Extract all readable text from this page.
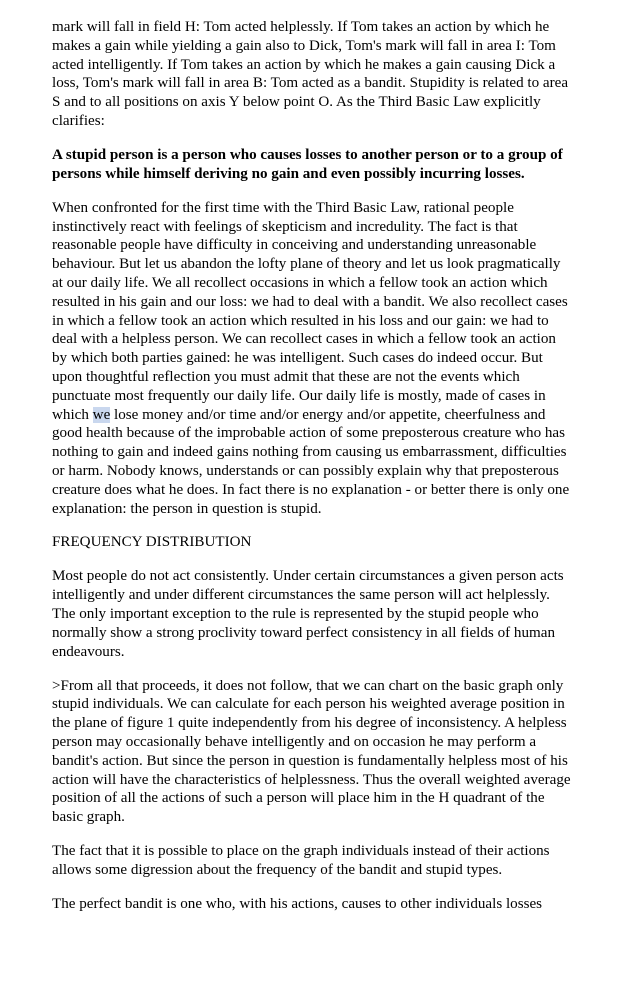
mark will fall in field H: Tom acted helplessly. If Tom takes an action by which he makes a gain while yielding a gain also to Dick, Tom's mark will fall in area I: Tom acted intelligently. If Tom takes an action by which he makes a gain causing Dick a loss, Tom's mark will fall in area B: Tom acted as a bandit. Stupidity is related to area S and to all positions on axis Y below point O. As the Third Basic Law explicitly clarifies:

A stupid person is a person who causes losses to another person or to a group of persons while himself deriving no gain and even possibly incurring losses.

When confronted for the first time with the Third Basic Law, rational people instinctively react with feelings of skepticism and incredulity. The fact is that reasonable people have difficulty in conceiving and understanding unreasonable behaviour. But let us abandon the lofty plane of theory and let us look pragmatically at our daily life. We all recollect occasions in which a fellow took an action which resulted in his gain and our loss: we had to deal with a bandit. We also recollect cases in which a fellow took an action which resulted in his loss and our gain: we had to deal with a helpless person. We can recollect cases in which a fellow took an action by which both parties gained: he was intelligent. Such cases do indeed occur. But upon thoughtful reflection you must admit that these are not the events which punctuate most frequently our daily life. Our daily life is mostly, made of cases in which we lose money and/or time and/or energy and/or appetite, cheerfulness and good health because of the improbable action of some preposterous creature who has nothing to gain and indeed gains nothing from causing us embarrassment, difficulties or harm. Nobody knows, understands or can possibly explain why that preposterous creature does what he does. In fact there is no explanation - or better there is only one explanation: the person in question is stupid.

FREQUENCY DISTRIBUTION

Most people do not act consistently. Under certain circumstances a given person acts intelligently and under different circumstances the same person will act helplessly. The only important exception to the rule is represented by the stupid people who normally show a strong proclivity toward perfect consistency in all fields of human endeavours.

>From all that proceeds, it does not follow, that we can chart on the basic graph only stupid individuals. We can calculate for each person his weighted average position in the plane of figure 1 quite independently from his degree of inconsistency. A helpless person may occasionally behave intelligently and on occasion he may perform a bandit's action. But since the person in question is fundamentally helpless most of his action will have the characteristics of helplessness. Thus the overall weighted average position of all the actions of such a person will place him in the H quadrant of the basic graph.

The fact that it is possible to place on the graph individuals instead of their actions allows some digression about the frequency of the bandit and stupid types.

The perfect bandit is one who, with his actions, causes to other individuals losses
